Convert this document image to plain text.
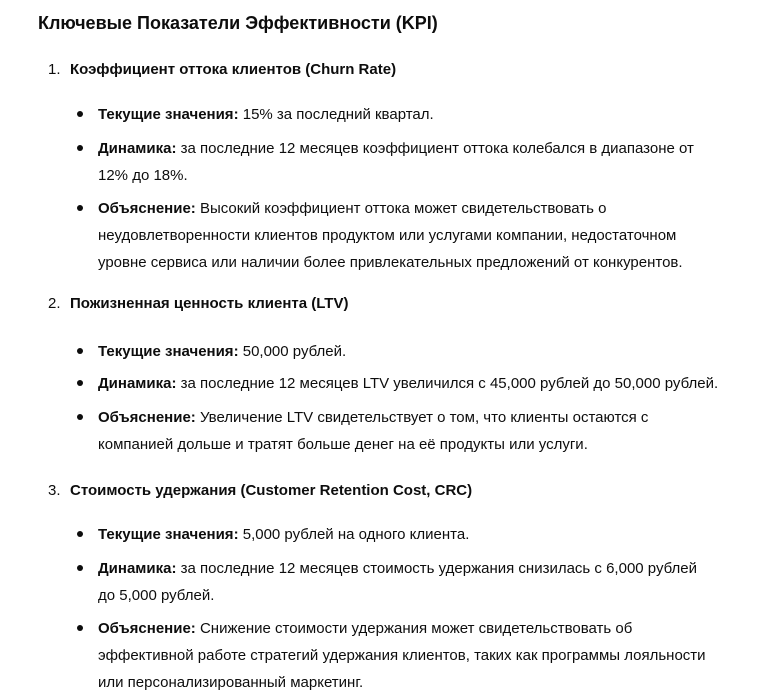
Ключевые Показатели Эффективности (KPI)
1. Коэффициент оттока клиентов (Churn Rate)
Текущие значения: 15% за последний квартал.
Динамика: за последние 12 месяцев коэффициент оттока колебался в диапазоне от 12% до 18%.
Объяснение: Высокий коэффициент оттока может свидетельствовать о неудовлетворенности клиентов продуктом или услугами компании, недостаточном уровне сервиса или наличии более привлекательных предложений от конкурентов.
2. Пожизненная ценность клиента (LTV)
Текущие значения: 50,000 рублей.
Динамика: за последние 12 месяцев LTV увеличился с 45,000 рублей до 50,000 рублей.
Объяснение: Увеличение LTV свидетельствует о том, что клиенты остаются с компанией дольше и тратят больше денег на её продукты или услуги.
3. Стоимость удержания (Customer Retention Cost, CRC)
Текущие значения: 5,000 рублей на одного клиента.
Динамика: за последние 12 месяцев стоимость удержания снизилась с 6,000 рублей до 5,000 рублей.
Объяснение: Снижение стоимости удержания может свидетельствовать об эффективной работе стратегий удержания клиентов, таких как программы лояльности или персонализированный маркетинг.
